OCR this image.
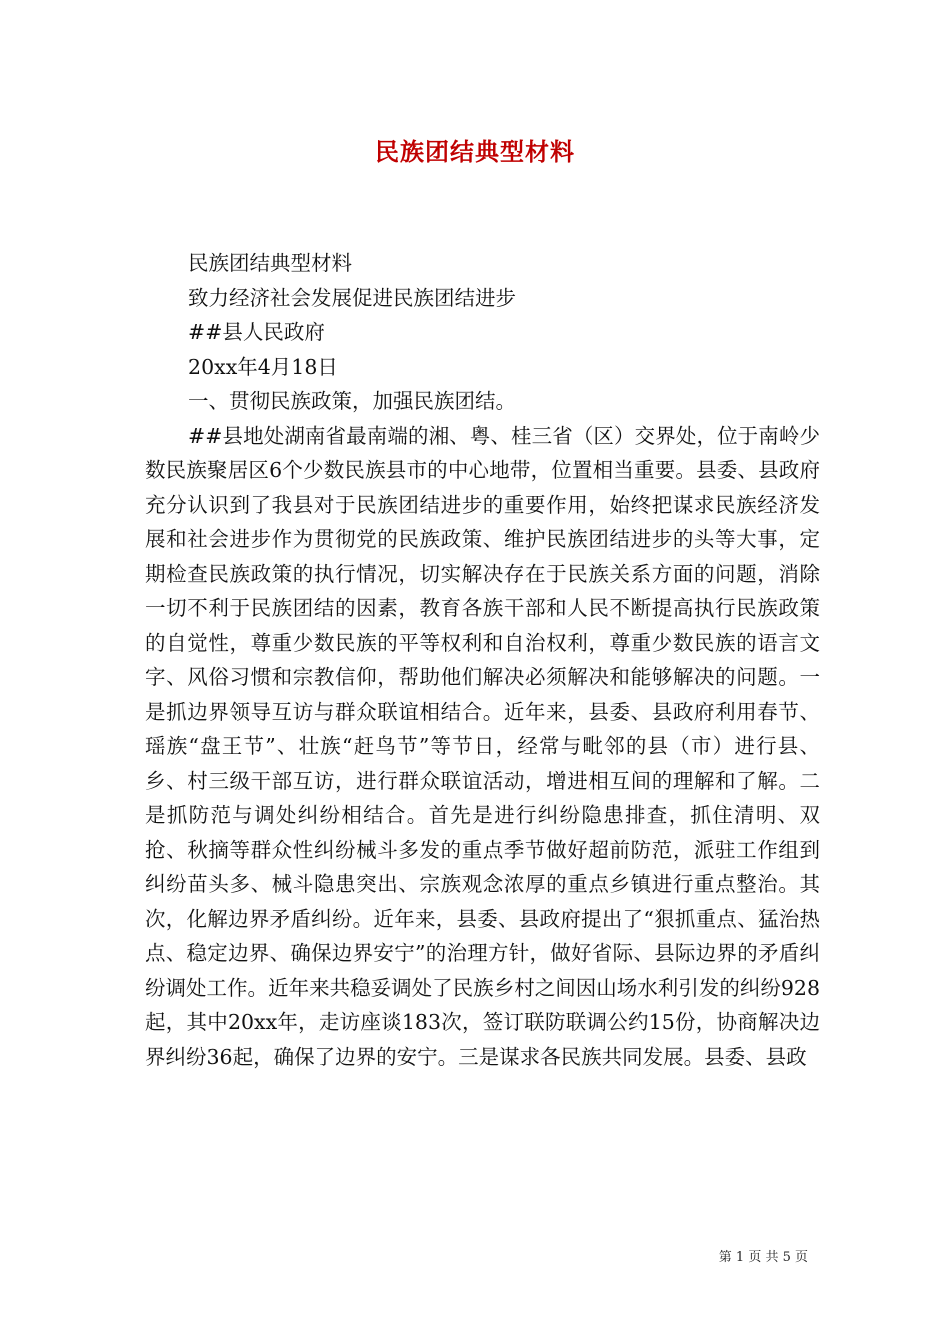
民族团结典型材料

民族团结典型材料

致力经济社会发展促进民族团结进步

##县人民政府

20xx年4月18日

一、贯彻民族政策，加强民族团结。

##县地处湖南省最南端的湘、粤、桂三省（区）交界处，位于南岭少数民族聚居区6个少数民族县市的中心地带，位置相当重要。县委、县政府充分认识到了我县对于民族团结进步的重要作用，始终把谋求民族经济发展和社会进步作为贯彻党的民族政策、维护民族团结进步的头等大事，定期检查民族政策的执行情况，切实解决存在于民族关系方面的问题，消除一切不利于民族团结的因素，教育各族干部和人民不断提高执行民族政策的自觉性，尊重少数民族的平等权利和自治权利，尊重少数民族的语言文字、风俗习惯和宗教信仰，帮助他们解决必须解决和能够解决的问题。一是抓边界领导互访与群众联谊相结合。近年来，县委、县政府利用春节、瑶族“盘王节”、壮族“赶鸟节”等节日，经常与毗邻的县（市）进行县、乡、村三级干部互访，进行群众联谊活动，增进相互间的理解和了解。二是抓防范与调处纠纷相结合。首先是进行纠纷隐患排查，抓住清明、双抢、秋摘等群众性纠纷械斗多发的重点季节做好超前防范，派驻工作组到纠纷苗头多、械斗隐患突出、宗族观念浓厚的重点乡镇进行重点整治。其次，化解边界矛盾纠纷。近年来，县委、县政府提出了“狠抓重点、猛治热点、稳定边界、确保边界安宁”的治理方针，做好省际、县际边界的矛盾纠纷调处工作。近年来共稳妥调处了民族乡村之间因山场水利引发的纠纷928起，其中20xx年，走访座谈183次，签订联防联调公约15份，协商解决边界纠纷36起，确保了边界的安宁。三是谋求各民族共同发展。县委、县政

第 1 页 共 5 页
